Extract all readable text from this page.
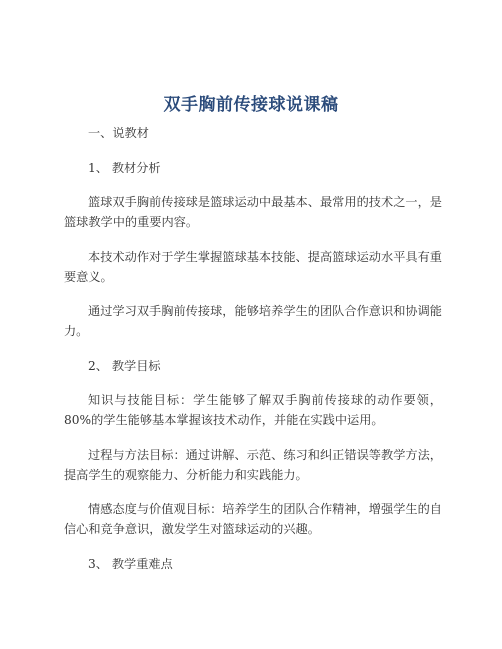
双手胸前传接球说课稿
一、说教材
1、 教材分析
篮球双手胸前传接球是篮球运动中最基本、最常用的技术之一，是篮球教学中的重要内容。
本技术动作对于学生掌握篮球基本技能、提高篮球运动水平具有重要意义。
通过学习双手胸前传接球，能够培养学生的团队合作意识和协调能力。
2、 教学目标
知识与技能目标：学生能够了解双手胸前传接球的动作要领，80%的学生能够基本掌握该技术动作，并能在实践中运用。
过程与方法目标：通过讲解、示范、练习和纠正错误等教学方法，提高学生的观察能力、分析能力和实践能力。
情感态度与价值观目标：培养学生的团队合作精神，增强学生的自信心和竞争意识，激发学生对篮球运动的兴趣。
3、 教学重难点
